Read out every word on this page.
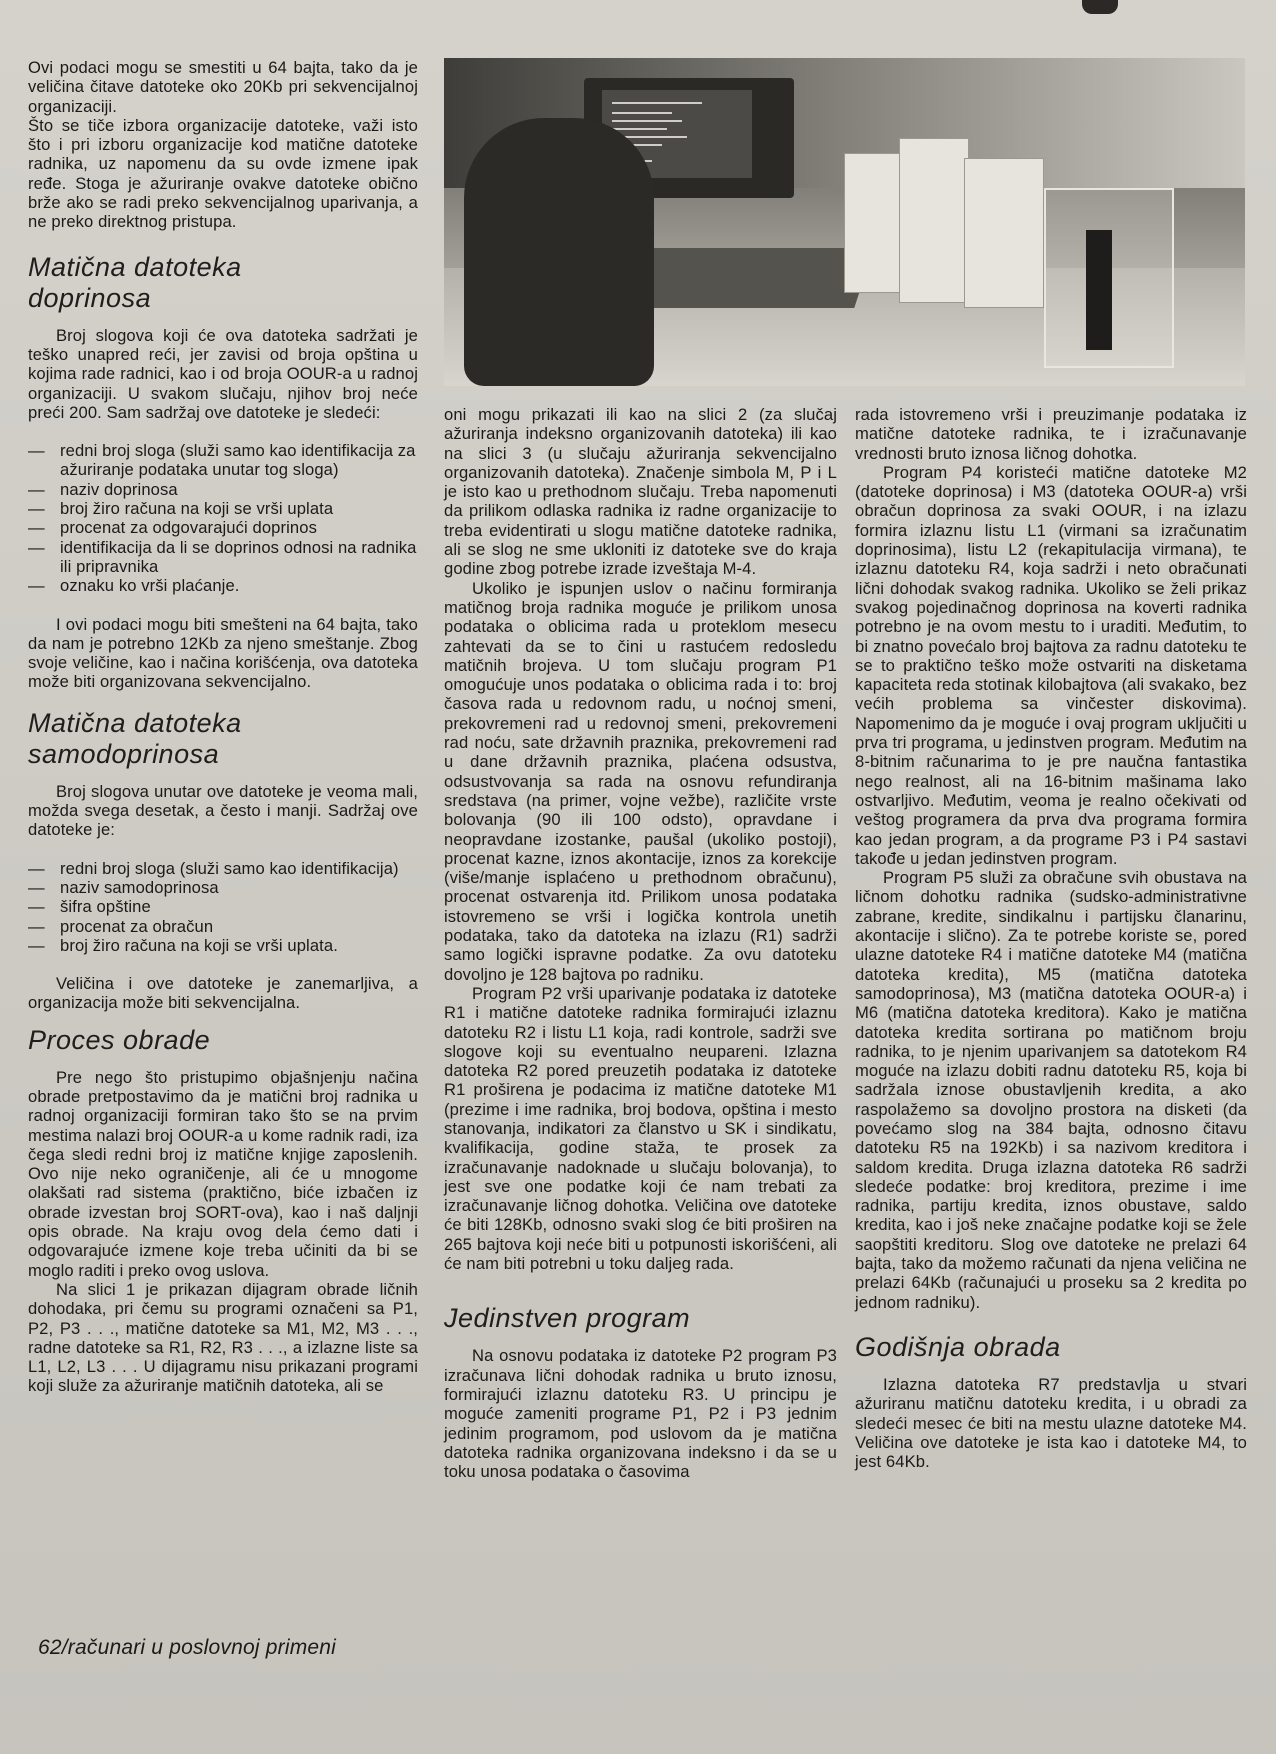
Ovi podaci mogu se smestiti u 64 bajta, tako da je veličina čitave datoteke oko 20Kb pri sekvencijalnoj organizaciji.

Što se tiče izbora organizacije datoteke, važi isto što i pri izboru organizacije kod matične datoteke radnika, uz napomenu da su ovde izmene ipak ređe. Stoga je ažuriranje ovakve datoteke obično brže ako se radi preko sekvencijalnog uparivanja, a ne preko direktnog pristupa.

Matična datoteka doprinosa

Broj slogova koji će ova datoteka sadržati je teško unapred reći, jer zavisi od broja opština u kojima rade radnici, kao i od broja OOUR-a u radnoj organizaciji. U svakom slučaju, njihov broj neće preći 200. Sam sadržaj ove datoteke je sledeći:

— redni broj sloga (služi samo kao identifikacija za ažuriranje podataka unutar tog sloga)
— naziv doprinosa
— broj žiro računa na koji se vrši uplata
— procenat za odgovarajući doprinos
— identifikacija da li se doprinos odnosi na radnika ili pripravnika
— oznaku ko vrši plaćanje.

I ovi podaci mogu biti smešteni na 64 bajta, tako da nam je potrebno 12Kb za njeno smeštanje. Zbog svoje veličine, kao i načina korišćenja, ova datoteka može biti organizovana sekvencijalno.

Matična datoteka samodoprinosa

Broj slogova unutar ove datoteke je veoma mali, možda svega desetak, a često i manji. Sadržaj ove datoteke je:

— redni broj sloga (služi samo kao identifikacija)
— naziv samodoprinosa
— šifra opštine
— procenat za obračun
— broj žiro računa na koji se vrši uplata.

Veličina i ove datoteke je zanemarljiva, a organizacija može biti sekvencijalna.

Proces obrade

Pre nego što pristupimo objašnjenju načina obrade pretpostavimo da je matični broj radnika u radnoj organizaciji formiran tako što se na prvim mestima nalazi broj OOUR-a u kome radnik radi, iza čega sledi redni broj iz matične knjige zaposlenih. Ovo nije neko ograničenje, ali će u mnogome olakšati rad sistema (praktično, biće izbačen iz obrade izvestan broj SORT-ova), kao i naš daljnji opis obrade. Na kraju ovog dela ćemo dati i odgovarajuće izmene koje treba učiniti da bi se moglo raditi i preko ovog uslova.

Na slici 1 je prikazan dijagram obrade ličnih dohodaka, pri čemu su programi označeni sa P1, P2, P3 . . ., matične datoteke sa M1, M2, M3 . . ., radne datoteke sa R1, R2, R3 . . ., a izlazne liste sa L1, L2, L3 . . . U dijagramu nisu prikazani programi koji služe za ažuriranje matičnih datoteka, ali se

oni mogu prikazati ili kao na slici 2 (za slučaj ažuriranja indeksno organizovanih datoteka) ili kao na slici 3 (u slučaju ažuriranja sekvencijalno organizovanih datoteka). Značenje simbola M, P i L je isto kao u prethodnom slučaju. Treba napomenuti da prilikom odlaska radnika iz radne organizacije to treba evidentirati u slogu matične datoteke radnika, ali se slog ne sme ukloniti iz datoteke sve do kraja godine zbog potrebe izrade izveštaja M-4.

Ukoliko je ispunjen uslov o načinu formiranja matičnog broja radnika moguće je prilikom unosa podataka o oblicima rada u proteklom mesecu zahtevati da se to čini u rastućem redosledu matičnih brojeva. U tom slučaju program P1 omogućuje unos podataka o oblicima rada i to: broj časova rada u redovnom radu, u noćnoj smeni, prekovremeni rad u redovnoj smeni, prekovremeni rad noću, sate državnih praznika, prekovremeni rad u dane državnih praznika, plaćena odsustva, odsustvovanja sa rada na osnovu refundiranja sredstava (na primer, vojne vežbe), različite vrste bolovanja (90 ili 100 odsto), opravdane i neopravdane izostanke, paušal (ukoliko postoji), procenat kazne, iznos akontacije, iznos za korekcije (više/manje isplaćeno u prethodnom obračunu), procenat ostvarenja itd. Prilikom unosa podataka istovremeno se vrši i logička kontrola unetih podataka, tako da datoteka na izlazu (R1) sadrži samo logički ispravne podatke. Za ovu datoteku dovoljno je 128 bajtova po radniku.

Program P2 vrši uparivanje podataka iz datoteke R1 i matične datoteke radnika formirajući izlaznu datoteku R2 i listu L1 koja, radi kontrole, sadrži sve slogove koji su eventualno neupareni. Izlazna datoteka R2 pored preuzetih podataka iz datoteke R1 proširena je podacima iz matične datoteke M1 (prezime i ime radnika, broj bodova, opština i mesto stanovanja, indikatori za članstvo u SK i sindikatu, kvalifikacija, godine staža, te prosek za izračunavanje nadoknade u slučaju bolovanja), to jest sve one podatke koji će nam trebati za izračunavanje ličnog dohotka. Veličina ove datoteke će biti 128Kb, odnosno svaki slog će biti proširen na 265 bajtova koji neće biti u potpunosti iskorišćeni, ali će nam biti potrebni u toku daljeg rada.

Jedinstven program

Na osnovu podataka iz datoteke P2 program P3 izračunava lični dohodak radnika u bruto iznosu, formirajući izlaznu datoteku R3. U principu je moguće zameniti programe P1, P2 i P3 jednim jedinim programom, pod uslovom da je matična datoteka radnika organizovana indeksno i da se u toku unosa podataka o časovima

rada istovremeno vrši i preuzimanje podataka iz matične datoteke radnika, te i izračunavanje vrednosti bruto iznosa ličnog dohotka.

Program P4 koristeći matične datoteke M2 (datoteke doprinosa) i M3 (datoteka OOUR-a) vrši obračun doprinosa za svaki OOUR, i na izlazu formira izlaznu listu L1 (virmani sa izračunatim doprinosima), listu L2 (rekapitulacija virmana), te izlaznu datoteku R4, koja sadrži i neto obračunati lični dohodak svakog radnika. Ukoliko se želi prikaz svakog pojedinačnog doprinosa na koverti radnika potrebno je na ovom mestu to i uraditi. Međutim, to bi znatno povećalo broj bajtova za radnu datoteku te se to praktično teško može ostvariti na disketama kapaciteta reda stotinak kilobajtova (ali svakako, bez većih problema sa vinčester diskovima). Napomenimo da je moguće i ovaj program uključiti u prva tri programa, u jedinstven program. Međutim na 8-bitnim računarima to je pre naučna fantastika nego realnost, ali na 16-bitnim mašinama lako ostvarljivo. Međutim, veoma je realno očekivati od veštog programera da prva dva programa formira kao jedan program, a da programe P3 i P4 sastavi takođe u jedan jedinstven program.

Program P5 služi za obračune svih obustava na ličnom dohotku radnika (sudsko-administrativne zabrane, kredite, sindikalnu i partijsku članarinu, akontacije i slično). Za te potrebe koriste se, pored ulazne datoteke R4 i matične datoteke M4 (matična datoteka kredita), M5 (matična datoteka samodoprinosa), M3 (matična datoteka OOUR-a) i M6 (matična datoteka kreditora). Kako je matična datoteka kredita sortirana po matičnom broju radnika, to je njenim uparivanjem sa datotekom R4 moguće na izlazu dobiti radnu datoteku R5, koja bi sadržala iznose obustavljenih kredita, a ako raspolažemo sa dovoljno prostora na disketi (da povećamo slog na 384 bajta, odnosno čitavu datoteku R5 na 192Kb) i sa nazivom kreditora i saldom kredita. Druga izlazna datoteka R6 sadrži sledeće podatke: broj kreditora, prezime i ime radnika, partiju kredita, iznos obustave, saldo kredita, kao i još neke značajne podatke koji se žele saopštiti kreditoru. Slog ove datoteke ne prelazi 64 bajta, tako da možemo računati da njena veličina ne prelazi 64Kb (računajući u proseku sa 2 kredita po jednom radniku).

Godišnja obrada

Izlazna datoteka R7 predstavlja u stvari ažuriranu matičnu datoteku kredita, i u obradi za sledeći mesec će biti na mestu ulazne datoteke M4. Veličina ove datoteke je ista kao i datoteke M4, to jest 64Kb.

62/računari u poslovnoj primeni
